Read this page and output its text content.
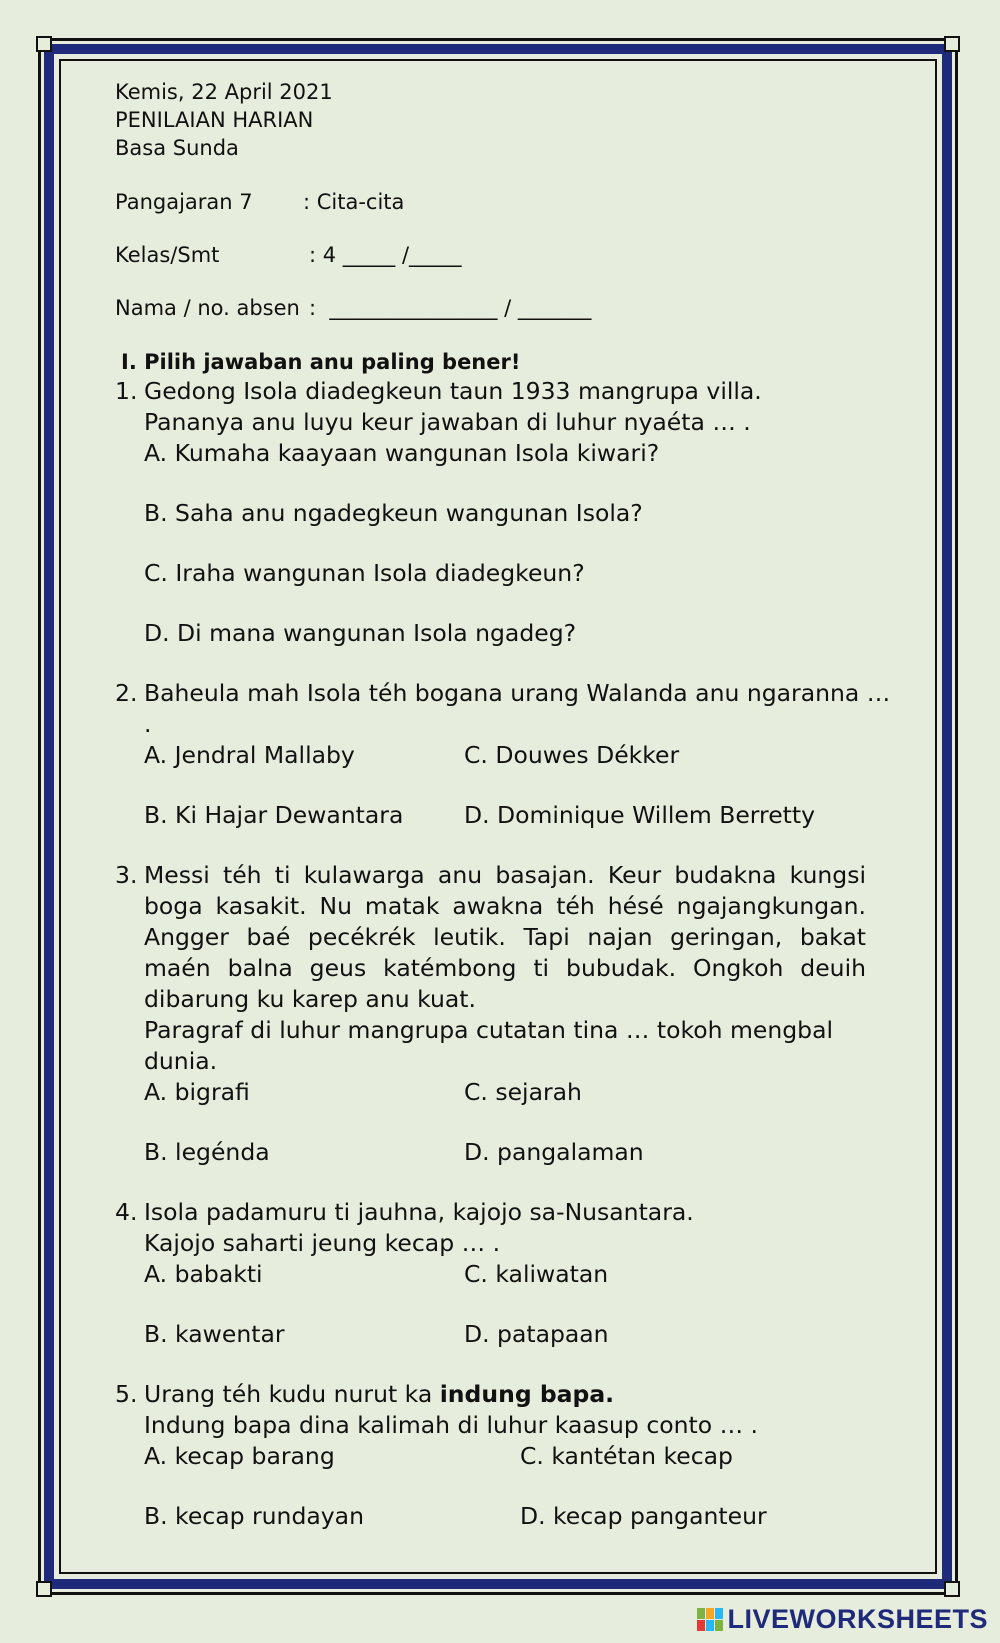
Kemis, 22 April 2021
PENILAIAN HARIAN
Basa Sunda
Pangajaran 7 : Cita-cita
Kelas/Smt	: 4 _____ /_____
Nama / no. absen :  ________________ / _______
I. Pilih jawaban anu paling bener!
1. Gedong Isola diadegkeun taun 1933 mangrupa villa.
Pananya anu luyu keur jawaban di luhur nyaéta … .
A. Kumaha kaayaan wangunan Isola kiwari?
B. Saha anu ngadegkeun wangunan Isola?
C. Iraha wangunan Isola diadegkeun?
D. Di mana wangunan Isola ngadeg?
2. Baheula mah Isola téh bogana urang Walanda anu ngaranna … .
A. Jendral Mallaby	C. Douwes Dékker
B. Ki Hajar Dewantara	D. Dominique Willem Berretty
3. Messi téh ti kulawarga anu basajan. Keur budakna kungsi boga kasakit. Nu matak awakna téh hésé ngajangkungan. Angger baé pecékrék leutik. Tapi najan geringan, bakat maén balna geus katémbong ti bubudak. Ongkoh deuih dibarung ku karep anu kuat.
Paragraf di luhur mangrupa cutatan tina … tokoh mengbal dunia.
A. bigrafi	C. sejarah
B. legénda	D. pangalaman
4. Isola padamuru ti jauhna, kajojo sa-Nusantara.
Kajojo saharti jeung kecap … .
A. babakti	C. kaliwatan
B. kawentar	D. patapaan
5. Urang téh kudu nurut ka indung bapa.
Indung bapa dina kalimah di luhur kaasup conto … .
A. kecap barang	C. kantétan kecap
B. kecap rundayan	D. kecap panganteur
LIVEWORKSHEETS
